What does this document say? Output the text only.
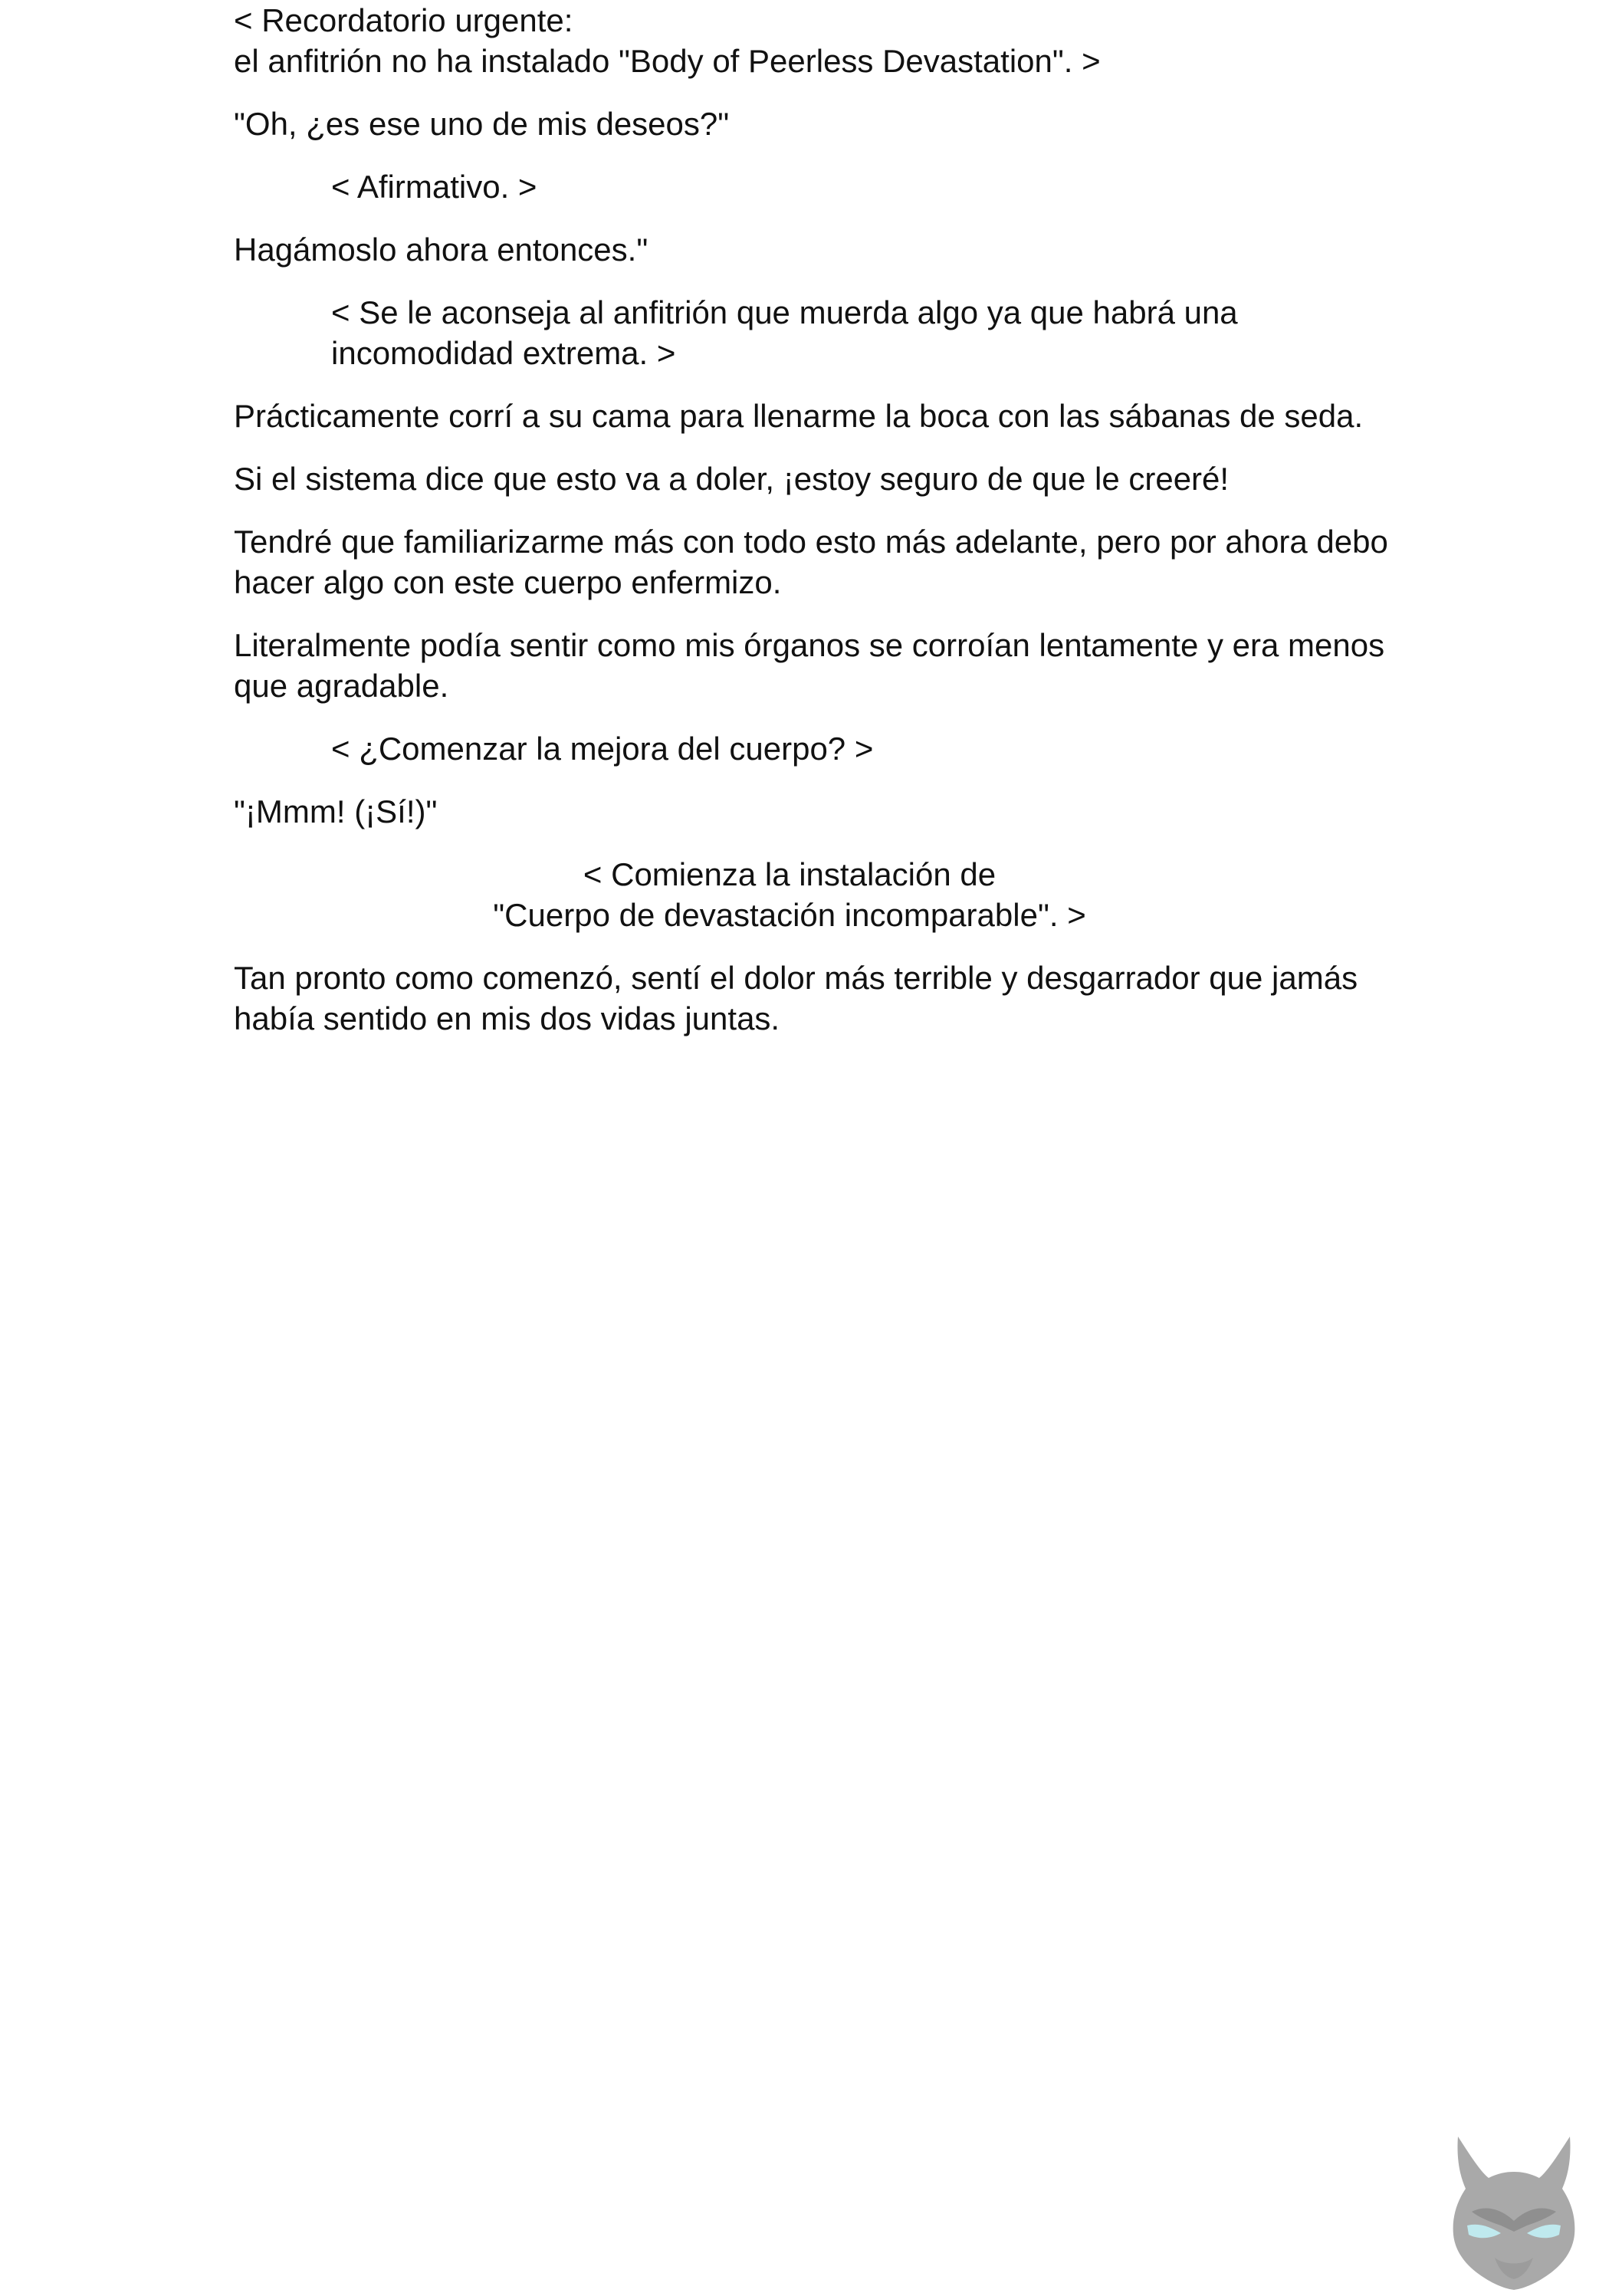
< Recordatorio urgente:
el anfitrión no ha instalado "Body of Peerless Devastation". >

"Oh, ¿es ese uno de mis deseos?"

< Afirmativo. >

Hagámoslo ahora entonces."

< Se le aconseja al anfitrión que muerda algo ya que habrá una
incomodidad extrema. >

Prácticamente corrí a su cama para llenarme la boca con las sábanas de seda.

Si el sistema dice que esto va a doler, ¡estoy seguro de que le creeré!

Tendré que familiarizarme más con todo esto más adelante, pero por ahora debo
hacer algo con este cuerpo enfermizo.

Literalmente podía sentir como mis órganos se corroían lentamente y era menos
que agradable.

< ¿Comenzar la mejora del cuerpo? >

"¡Mmm! (¡Sí!)"

< Comienza la instalación de
"Cuerpo de devastación incomparable". >

Tan pronto como comenzó, sentí el dolor más terrible y desgarrador que jamás
había sentido en mis dos vidas juntas.
